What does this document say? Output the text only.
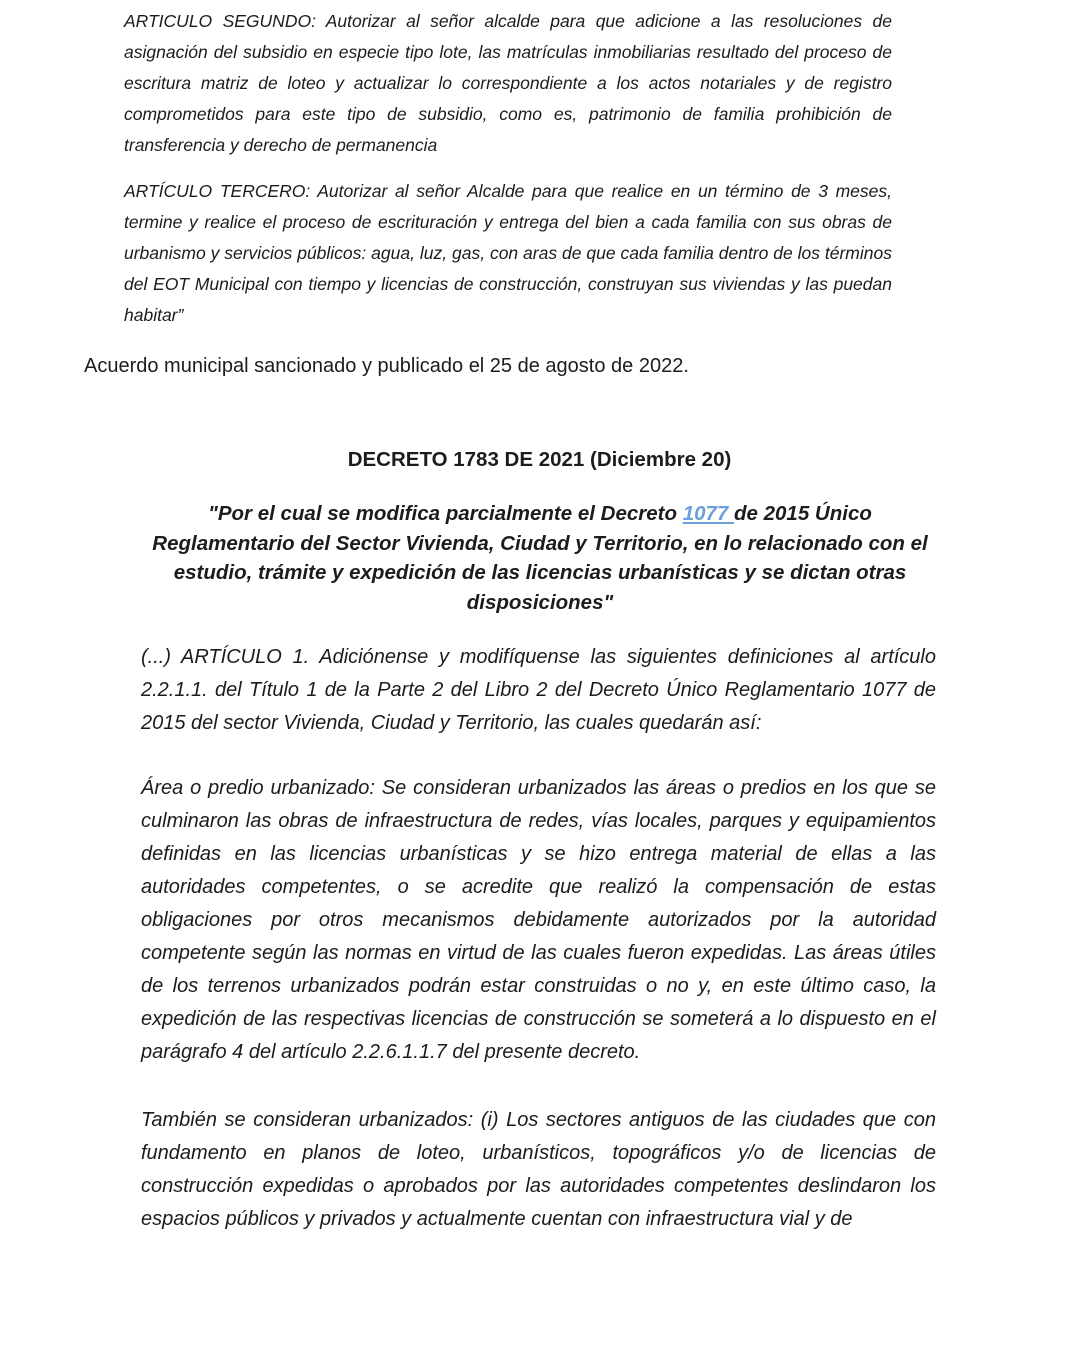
ARTICULO SEGUNDO: Autorizar al señor alcalde para que adicione a las resoluciones de asignación del subsidio en especie tipo lote, las matrículas inmobiliarias resultado del proceso de escritura matriz de loteo y actualizar lo correspondiente a los actos notariales y de registro comprometidos para este tipo de subsidio, como es, patrimonio de familia prohibición de transferencia y derecho de permanencia

ARTÍCULO TERCERO: Autorizar al señor Alcalde para que realice en un término de 3 meses, termine y realice el proceso de escrituración y entrega del bien a cada familia con sus obras de urbanismo y servicios públicos: agua, luz, gas, con aras de que cada familia dentro de los términos del EOT Municipal con tiempo y licencias de construcción, construyan sus viviendas y las puedan habitar”

Acuerdo municipal sancionado y publicado el 25 de agosto de 2022.

DECRETO 1783 DE 2021 (Diciembre 20)

"Por el cual se modifica parcialmente el Decreto 1077 de 2015 Único Reglamentario del Sector Vivienda, Ciudad y Territorio, en lo relacionado con el estudio, trámite y expedición de las licencias urbanísticas y se dictan otras disposiciones"

(...) ARTÍCULO 1. Adiciónense y modifíquense las siguientes definiciones al artículo 2.2.1.1. del Título 1 de la Parte 2 del Libro 2 del Decreto Único Reglamentario 1077 de 2015 del sector Vivienda, Ciudad y Territorio, las cuales quedarán así:

Área o predio urbanizado: Se consideran urbanizados las áreas o predios en los que se culminaron las obras de infraestructura de redes, vías locales, parques y equipamientos definidas en las licencias urbanísticas y se hizo entrega material de ellas a las autoridades competentes, o se acredite que realizó la compensación de estas obligaciones por otros mecanismos debidamente autorizados por la autoridad competente según las normas en virtud de las cuales fueron expedidas. Las áreas útiles de los terrenos urbanizados podrán estar construidas o no y, en este último caso, la expedición de las respectivas licencias de construcción se someterá a lo dispuesto en el parágrafo 4 del artículo 2.2.6.1.1.7 del presente decreto.

También se consideran urbanizados: (i) Los sectores antiguos de las ciudades que con fundamento en planos de loteo, urbanísticos, topográficos y/o de licencias de construcción expedidas o aprobados por las autoridades competentes deslindaron los espacios públicos y privados y actualmente cuentan con infraestructura vial y de
